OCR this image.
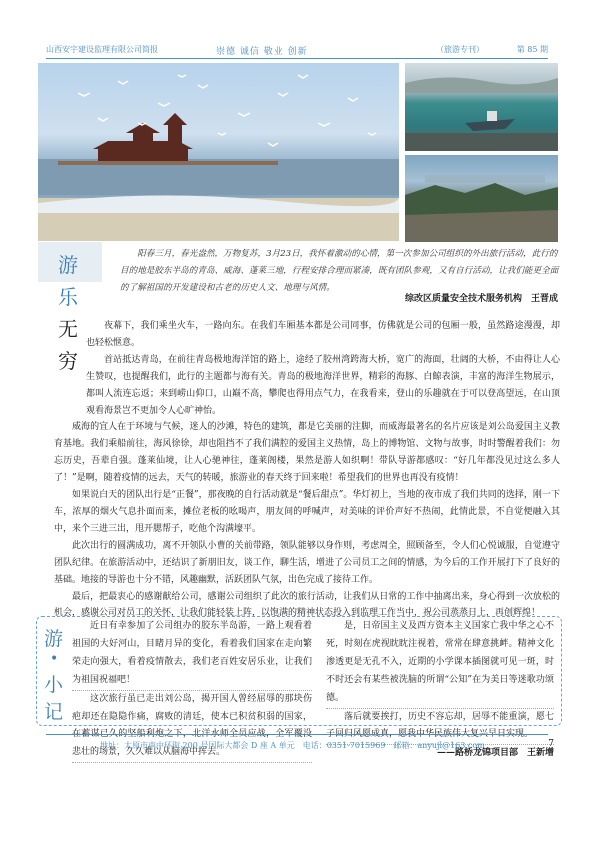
山西安宇建设监理有限公司简报	崇德 诚信 敬业 创新	（旅游专刊）	第 85 期
游
乐
无
穷

阳春三月，春光盎然，万物复苏，3月23日，我怀着激动的心情，第一次参加公司组织的外出旅行活动，此行的目的地是胶东半岛的青岛、威海、蓬莱三地，行程安排合理而紧凑，既有团队参观，又有自行活动，让我们能更全面的了解祖国的开发建设和古老的历史人文、地理与风情。

综改区质量安全技术服务机构　王晋成

夜幕下，我们乘坐火车，一路向东。在我们车厢基本都是公司同事，仿佛就是公司的包厢一般，虽然路途漫漫，却也轻松惬意。

首站抵达青岛，在前往青岛极地海洋馆的路上，途经了胶州湾跨海大桥，宽广的海面，壮阔的大桥，不由得让人心生赞叹，也提醒我们，此行的主题都与海有关。青岛的极地海洋世界，精彩的海豚、白鲸表演，丰富的海洋生物展示，都叫人流连忘返；来到崂山仰口，山巅不高，攀爬也得用点气力，在我看来，登山的乐趣就在于可以登高望远，在山顶观看海景岂不更加令人心旷神怡。

威海的宜人在于环境与气候，迷人的沙滩，特色的建筑，都是它美丽的注脚，而威海最著名的名片应该是刘公岛爱国主义教育基地。我们乘船前往，海风徐徐，却也阻挡不了我们满腔的爱国主义热情，岛上的博物馆、文物与故事，时时警醒着我们：勿忘历史，吾辈自强。蓬莱仙境，让人心驰神往，蓬莱阁楼，果然是游人如织啊！带队导游都感叹：“好几年都没见过这么多人了！”是啊，随着疫情的远去，天气的转暖，旅游业的春天终于回来啦！希望我们的世界也再没有疫情！

如果说白天的团队出行是“正餐”，那夜晚的自行活动就是“餐后甜点”。华灯初上，当地的夜市成了我们共同的选择，刚一下车，浓厚的烟火气息扑面而来，摊位老板的吆喝声，朋友间的呼喊声，对美味的评价声好不热闹，此情此景，不自觉便融入其中，来个三进三出，甩开腮帮子，吃他个沟满壕平。

此次出行的圆满成功，离不开领队小曹的关前带路，领队能够以身作则，考虑周全，照顾备至，令人们心悦诚服，自觉遵守团队纪律。在旅游活动中，还结识了新朋旧友，谈工作，聊生活，增进了公司员工之间的情感，为今后的工作开展打下了良好的基础。地接的导游也十分不错，风趣幽默，活跃团队气氛，出色完成了接待工作。

最后，把最衷心的感谢献给公司，感谢公司组织了此次的旅行活动，让我们从日常的工作中抽离出来，身心得到一次放松的机会，感谢公司对员工的关怀，让我们能轻装上阵，以饱满的精神状态投入到监理工作当中，祝公司蒸蒸日上，再创辉煌！

游
•
小
记

近日有幸参加了公司组办的胶东半岛游，一路上观看着祖国的大好河山，目睹月异的变化，看着我们国家在走向繁荣走向强大，看着疫情散去，我们老百姓安居乐业，让我们为祖国祝福吧！

这次旅行虽已走出刘公岛，揭开国人曾经屈辱的那块伤疤却还在隐隐作痛，腐败的清廷，使本已积贫积弱的国家， 悲壮的场景，久久难以从脑海中挥去。

是，日帝国主义及西方资本主义国家亡我中华之心不死，时刻在虎视眈眈注视着，常常在肆意挑衅。精神文化渗透更是无孔不入，近期的小学课本插图就可见一斑，时不时还会有某些被洗脑的所谓“公知”在为美日等迷歌功颂德。

落后就要挨打，历史不容忘却，居辱不能重演，愿七

——路桥龙锦项目部　王新增
地址：太原市南中环街 200 号国际大都会 D 座 A 单元　电话：0351-7015969　邮箱：anyujl@163.com	7
